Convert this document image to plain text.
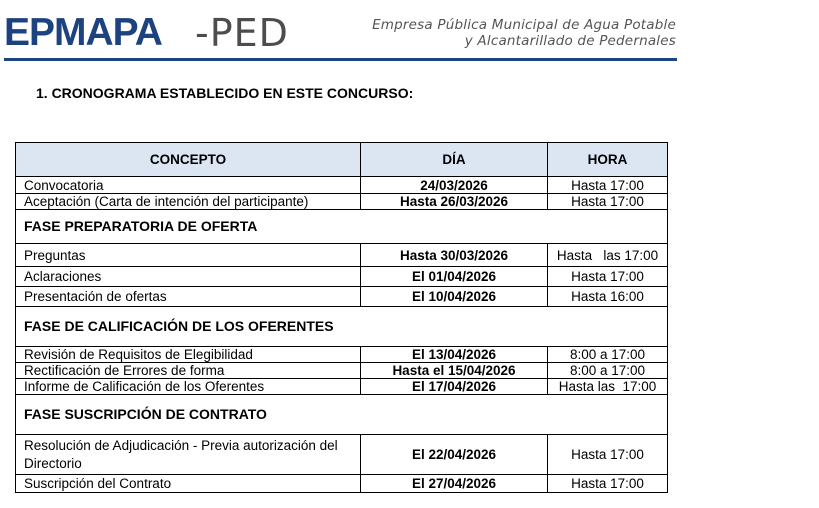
EPMAPA -PED	Empresa Pública Municipal de Agua Potable
y Alcantarillado de Pedernales
1. CRONOGRAMA ESTABLECIDO EN ESTE CONCURSO:
CONCEPTO	DÍA	HORA
Convocatoria	24/03/2026	Hasta 17:00
Aceptación (Carta de intención del participante)	Hasta 26/03/2026	Hasta 17:00
FASE PREPARATORIA DE OFERTA		
Preguntas	Hasta 30/03/2026	Hasta   las 17:00
Aclaraciones	El 01/04/2026	Hasta 17:00
Presentación de ofertas	El 10/04/2026	Hasta 16:00
FASE DE CALIFICACIÓN DE LOS OFERENTES		
Revisión de Requisitos de Elegibilidad	El 13/04/2026	8:00 a 17:00
Rectificación de Errores de forma	Hasta el 15/04/2026	8:00 a 17:00
Informe de Calificación de los Oferentes	El 17/04/2026	Hasta las  17:00
FASE SUSCRIPCIÓN DE CONTRATO		
Resolución de Adjudicación - Previa autorización del Directorio	El 22/04/2026	Hasta 17:00
Suscripción del Contrato	El 27/04/2026	Hasta 17:00
